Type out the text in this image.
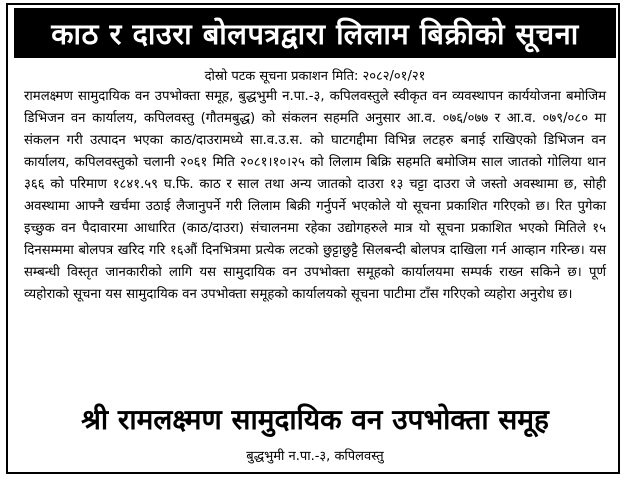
काठ र दाउरा बोलपत्रद्वारा लिलाम बिक्रीको सूचना
दोस्रो पटक सूचना प्रकाशन मिति: २०८२/०१/२१

रामलक्ष्मण सामुदायिक वन उपभोक्ता समूह, बुद्धभुमी न.पा.-३, कपिलवस्तुले स्वीकृत वन व्यवस्थापन कार्ययोजना बमोजिम डिभिजन वन कार्यालय, कपिलवस्तु (गौतमबुद्ध) को संकलन सहमति अनुसार आ.व. ०७६/०७७ र आ.व. ०७९/०८० मा संकलन गरी उत्पादन भएका काठ/दाउरामध्ये सा.व.उ.स. को घाटगद्दीमा विभिन्न लटहरु बनाई राखिएको डिभिजन वन कार्यालय, कपिलवस्तुको चलानी २०६१ मिति २०८१।१०।२५ को लिलाम बिक्रि सहमति बमोजिम साल जातको गोलिया थान ३६६ को परिमाण १८४१.५९ घ.फि. काठ र साल तथा अन्य जातको दाउरा १३ चट्टा दाउरा जे जस्तो अवस्थामा छ, सोही अवस्थामा आफ्नै खर्चमा उठाई लैजानुपर्ने गरी लिलाम बिक्री गर्नुपर्ने भएकोले यो सूचना प्रकाशित गरिएको छ। रित पुगेका इच्छुक वन पैदावारमा आधारित (काठ/दाउरा) संचालनमा रहेका उद्योगहरुले मात्र यो सूचना प्रकाशित भएको मितिले १५ दिनसम्ममा बोलपत्र खरिद गरि १६औं दिनभित्रमा प्रत्येक लटको छुट्टाछुट्टै सिलबन्दी बोलपत्र दाखिला गर्न आव्हान गरिन्छ। यस सम्बन्धी विस्तृत जानकारीको लागि यस सामुदायिक वन उपभोक्ता समूहको कार्यालयमा सम्पर्क राख्न सकिने छ। पूर्ण व्यहोराको सूचना यस सामुदायिक वन उपभोक्ता समूहको कार्यालयको सूचना पाटीमा टाँस गरिएको व्यहोरा अनुरोध छ।

श्री रामलक्ष्मण सामुदायिक वन उपभोक्ता समूह
बुद्धभुमी न.पा.-३, कपिलवस्तु
